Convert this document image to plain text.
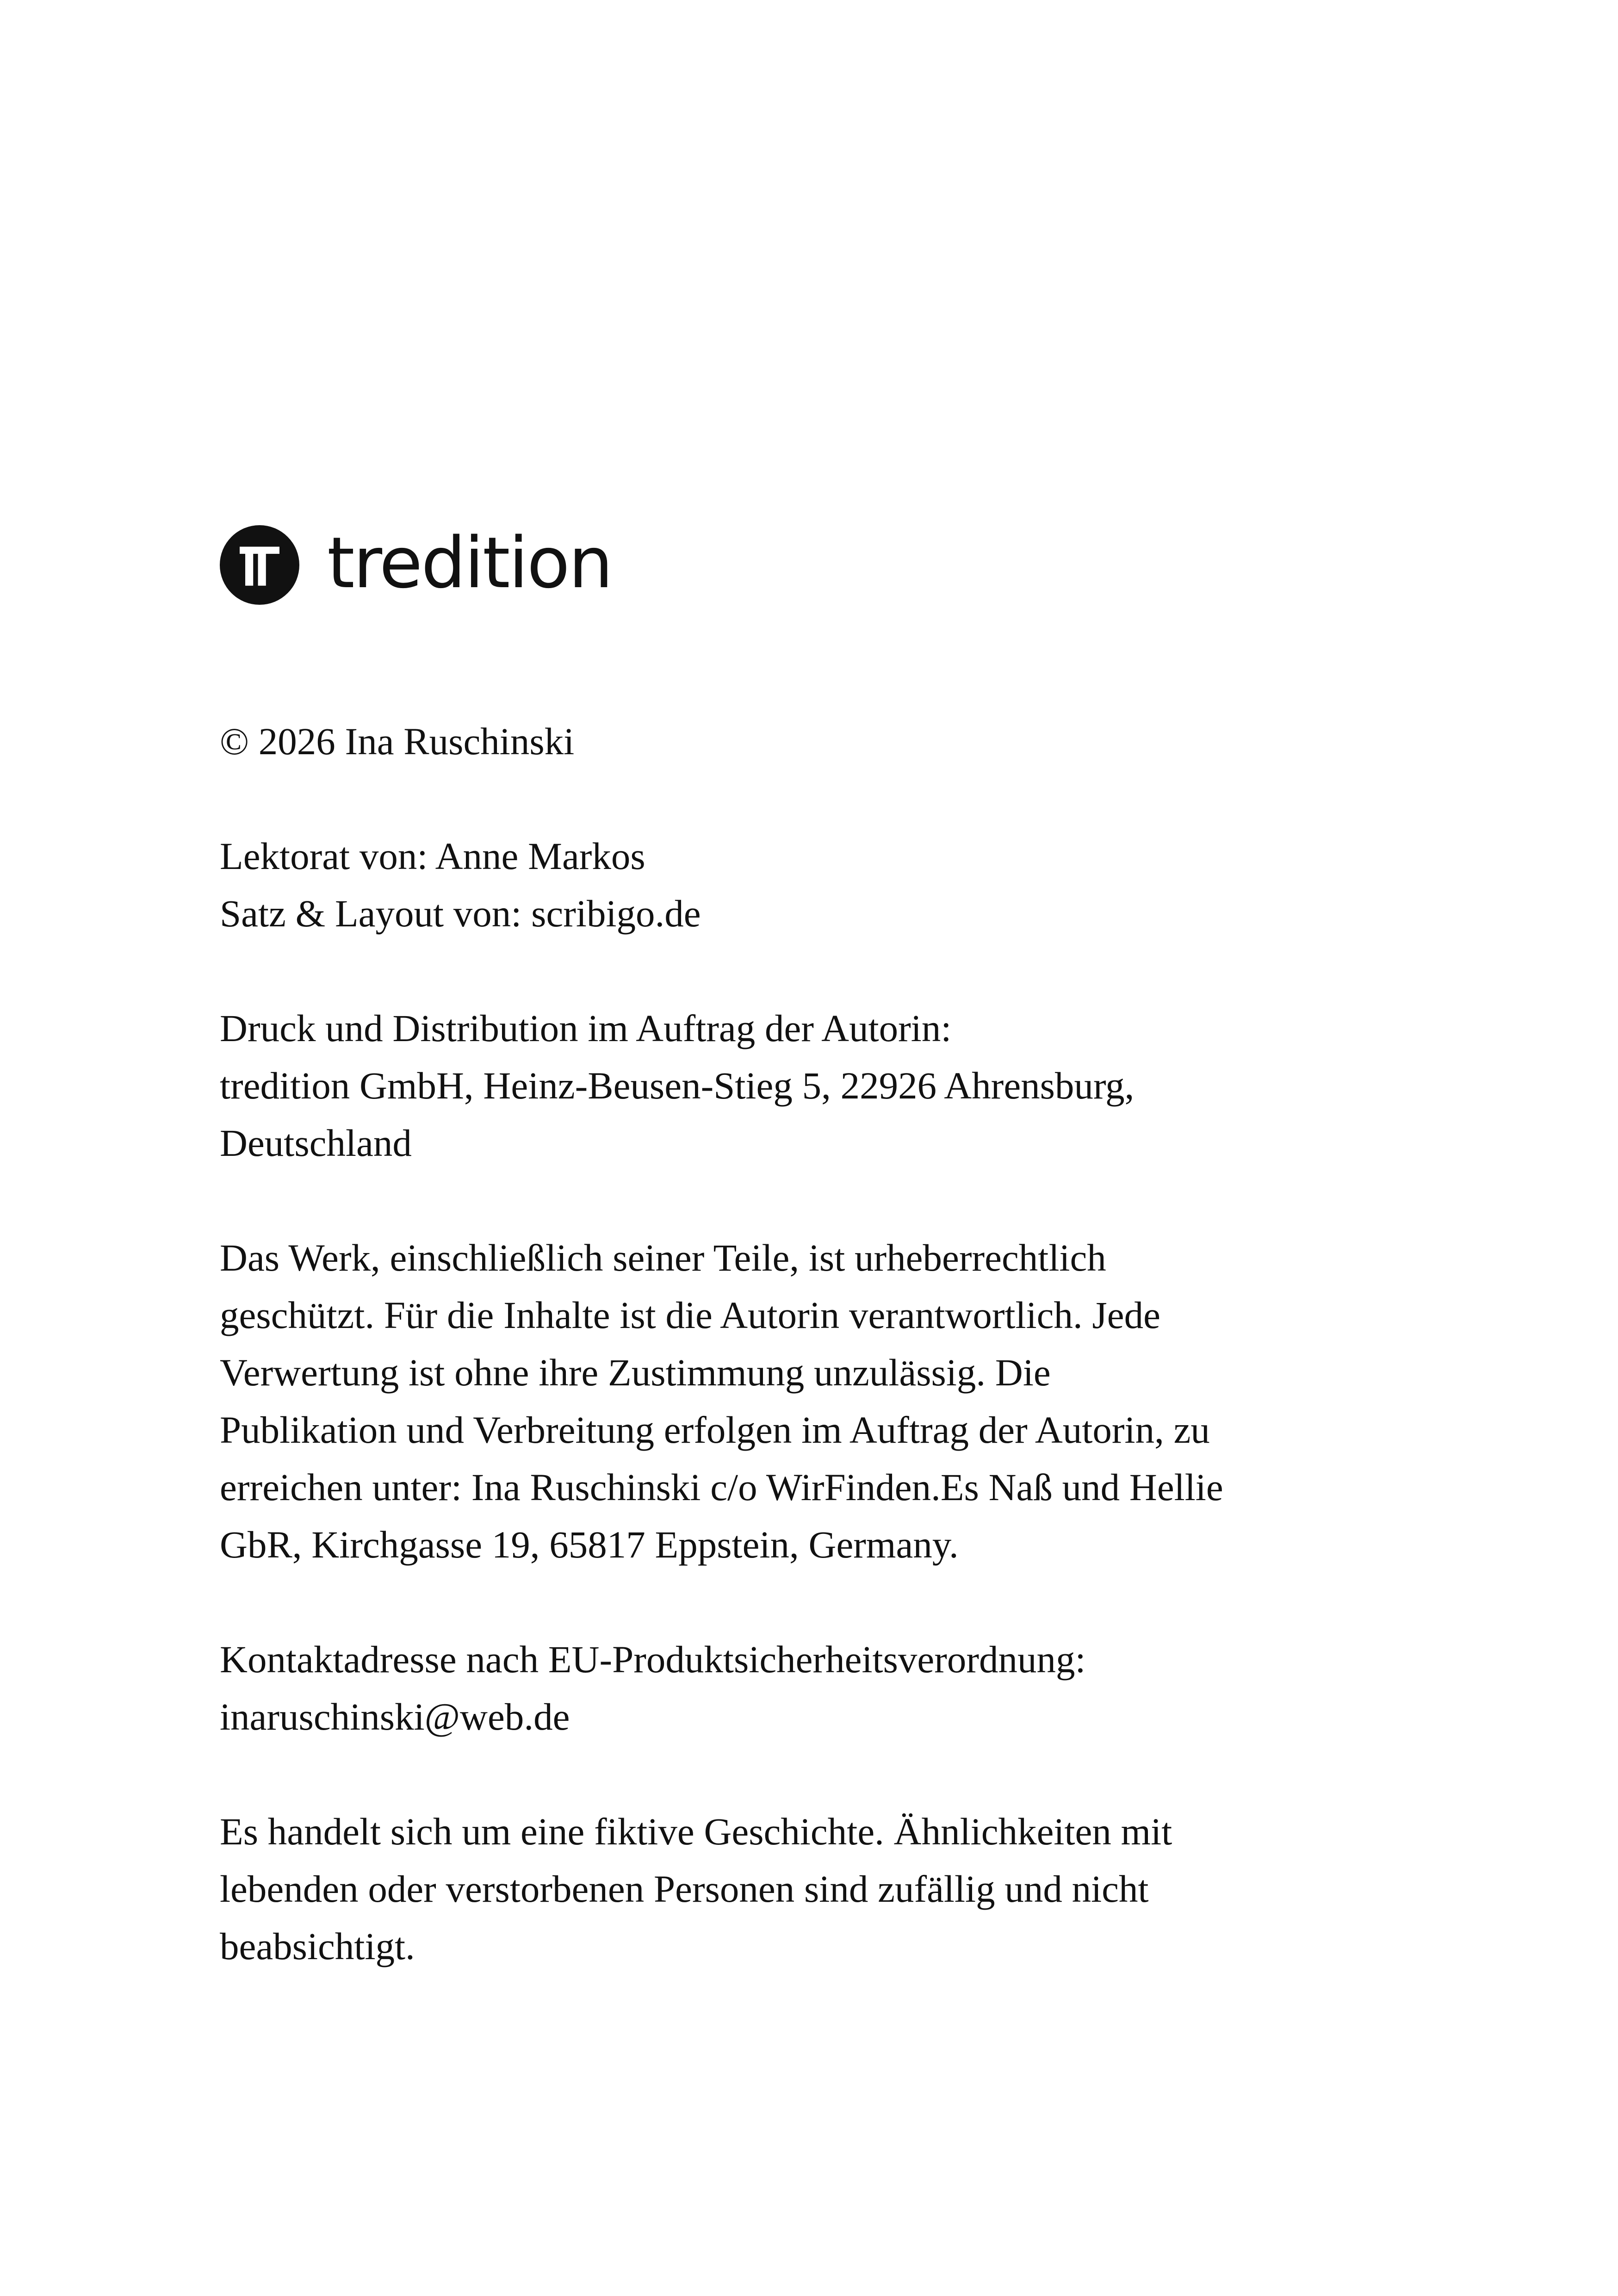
tredition

© 2026 Ina Ruschinski

Lektorat von: Anne Markos
Satz & Layout von: scribigo.de

Druck und Distribution im Auftrag der Autorin:
tredition GmbH, Heinz-Beusen-Stieg 5, 22926 Ahrensburg,
Deutschland

Das Werk, einschließlich seiner Teile, ist urheberrechtlich
geschützt. Für die Inhalte ist die Autorin verantwortlich. Jede
Verwertung ist ohne ihre Zustimmung unzulässig. Die
Publikation und Verbreitung erfolgen im Auftrag der Autorin, zu
erreichen unter: Ina Ruschinski c/o WirFinden.Es Naß und Hellie
GbR, Kirchgasse 19, 65817 Eppstein, Germany.

Kontaktadresse nach EU-Produktsicherheitsverordnung:
inaruschinski@web.de

Es handelt sich um eine fiktive Geschichte. Ähnlichkeiten mit
lebenden oder verstorbenen Personen sind zufällig und nicht
beabsichtigt.
